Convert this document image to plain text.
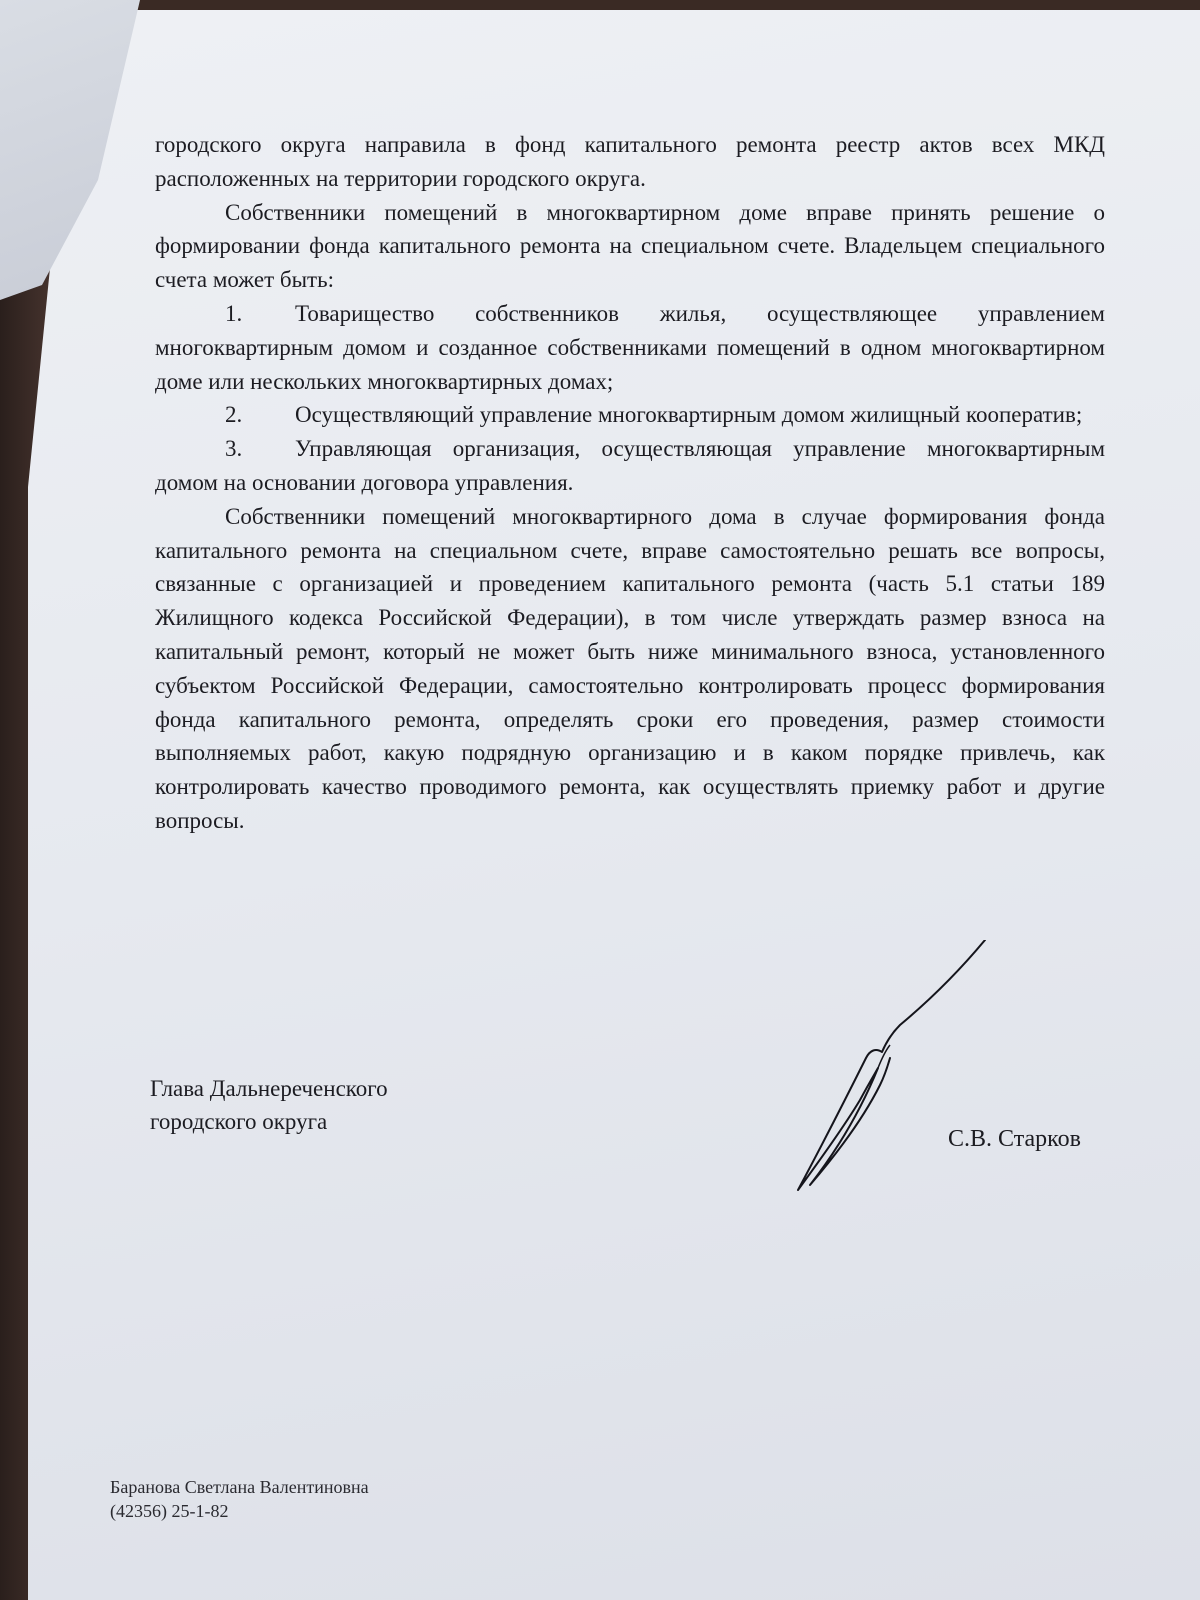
городского округа направила в фонд капитального ремонта реестр актов всех МКД расположенных на территории городского округа.

Собственники помещений в многоквартирном доме вправе принять решение о формировании фонда капитального ремонта на специальном счете. Владельцем специального счета может быть:

1. Товарищество собственников жилья, осуществляющее управлением многоквартирным домом и созданное собственниками помещений в одном многоквартирном доме или нескольких многоквартирных домах;

2. Осуществляющий управление многоквартирным домом жилищный кооператив;

3. Управляющая организация, осуществляющая управление многоквартирным домом на основании договора управления.

Собственники помещений многоквартирного дома в случае формирования фонда капитального ремонта на специальном счете, вправе самостоятельно решать все вопросы, связанные с организацией и проведением капитального ремонта (часть 5.1 статьи 189 Жилищного кодекса Российской Федерации), в том числе утверждать размер взноса на капитальный ремонт, который не может быть ниже минимального взноса, установленного субъектом Российской Федерации, самостоятельно контролировать процесс формирования фонда капитального ремонта, определять сроки его проведения, размер стоимости выполняемых работ, какую подрядную организацию и в каком порядке привлечь, как контролировать качество проводимого ремонта, как осуществлять приемку работ и другие вопросы.

Глава Дальнереченского
городского округа
С.В. Старков
Баранова Светлана Валентиновна
(42356) 25-1-82
